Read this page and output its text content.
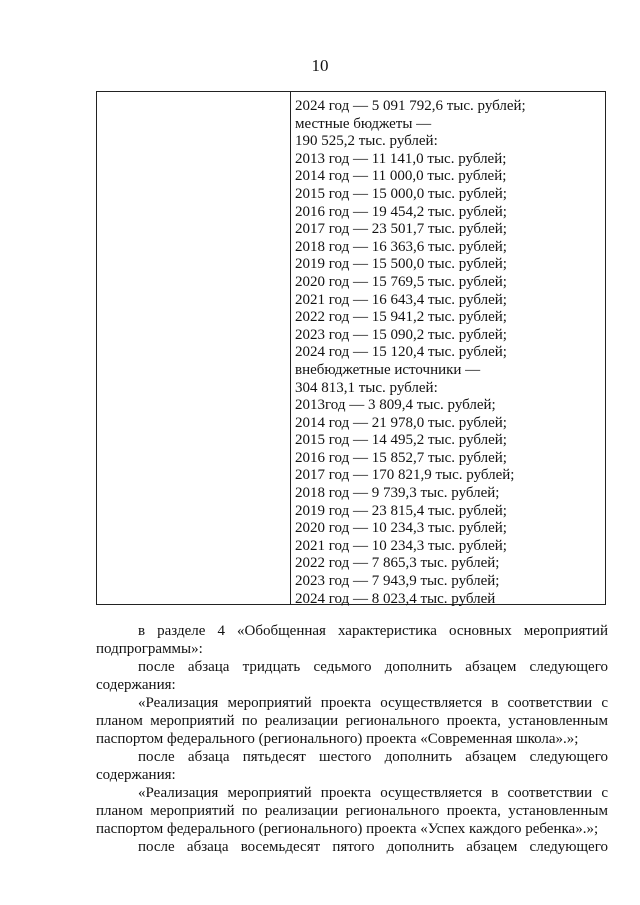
10
2024 год — 5 091 792,6 тыс. рублей;
местные бюджеты —
190 525,2 тыс. рублей:
2013 год — 11 141,0 тыс. рублей;
2014 год — 11 000,0 тыс. рублей;
2015 год — 15 000,0 тыс. рублей;
2016 год — 19 454,2 тыс. рублей;
2017 год — 23 501,7 тыс. рублей;
2018 год — 16 363,6 тыс. рублей;
2019 год — 15 500,0 тыс. рублей;
2020 год — 15 769,5 тыс. рублей;
2021 год — 16 643,4 тыс. рублей;
2022 год — 15 941,2 тыс. рублей;
2023 год — 15 090,2 тыс. рублей;
2024 год — 15 120,4 тыс. рублей;
внебюджетные источники —
304 813,1 тыс. рублей:
2013год — 3 809,4 тыс. рублей;
2014 год — 21 978,0 тыс. рублей;
2015 год — 14 495,2 тыс. рублей;
2016 год — 15 852,7 тыс. рублей;
2017 год — 170 821,9 тыс. рублей;
2018 год — 9 739,3 тыс. рублей;
2019 год — 23 815,4 тыс. рублей;
2020 год — 10 234,3 тыс. рублей;
2021 год — 10 234,3 тыс. рублей;
2022 год — 7 865,3 тыс. рублей;
2023 год — 7 943,9 тыс. рублей;
2024 год — 8 023,4 тыс. рублей

в разделе 4 «Обобщенная характеристика основных мероприятий подпрограммы»:

после абзаца тридцать седьмого дополнить абзацем следующего содержания:

«Реализация мероприятий проекта осуществляется в соответствии с планом мероприятий по реализации регионального проекта, установленным паспортом федерального (регионального) проекта «Современная школа».»;

после абзаца пятьдесят шестого дополнить абзацем следующего содержания:

«Реализация мероприятий проекта осуществляется в соответствии с планом мероприятий по реализации регионального проекта, установленным паспортом федерального (регионального) проекта «Успех каждого ребенка».»;

после абзаца восемьдесят пятого дополнить абзацем следующего
